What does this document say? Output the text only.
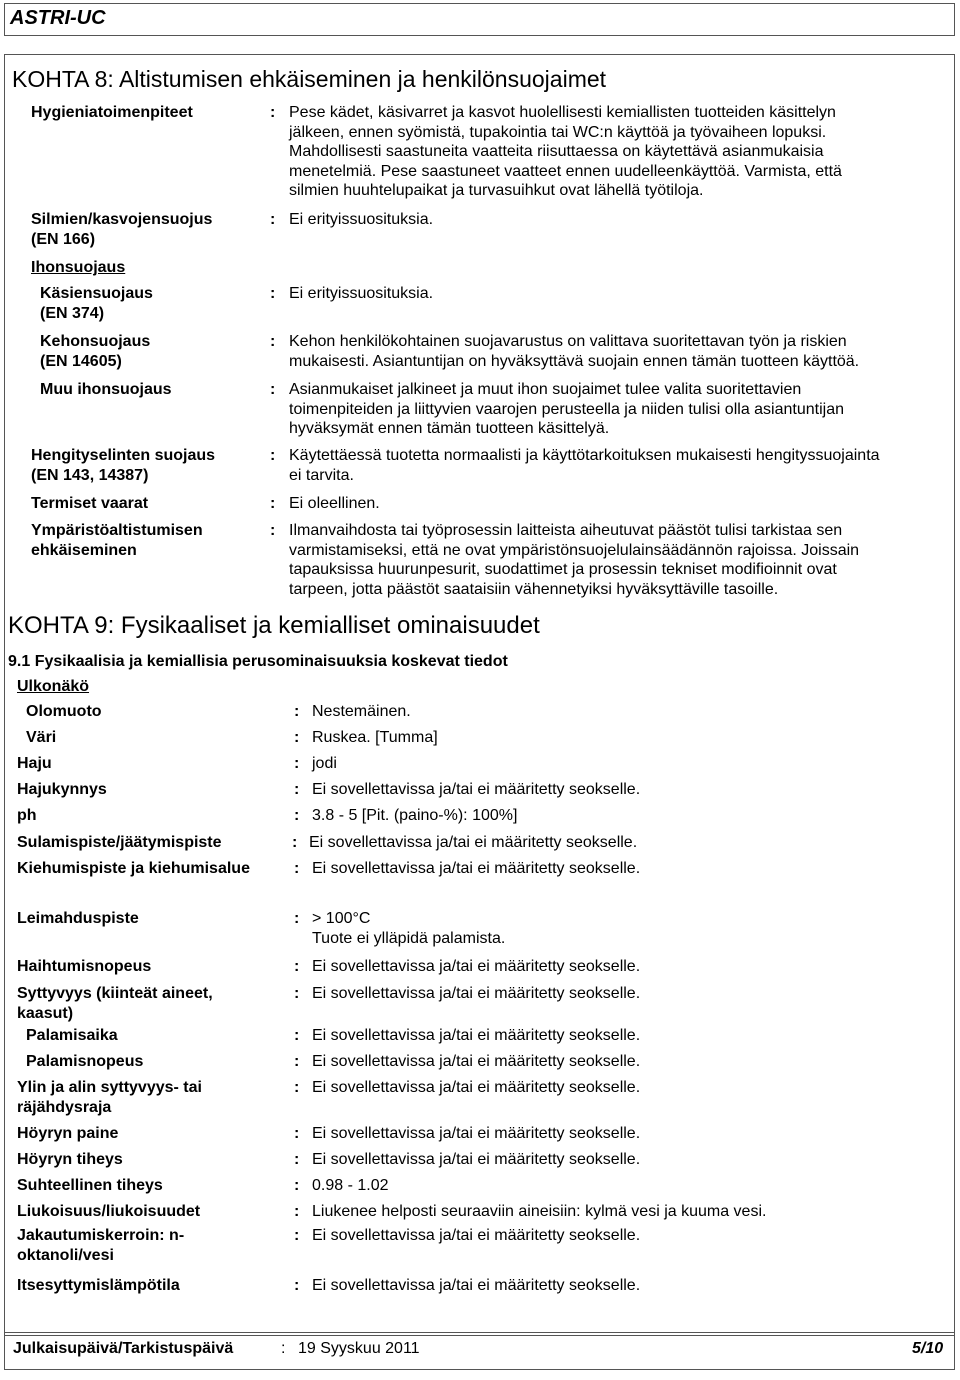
ASTRI-UC
KOHTA 8: Altistumisen ehkäiseminen ja henkilönsuojaimet
Hygieniatoimenpiteet	: Pese kädet, käsivarret ja kasvot huolellisesti kemiallisten tuotteiden käsittelyn
jälkeen, ennen syömistä, tupakointia tai WC:n käyttöä ja työvaiheen lopuksi.
Mahdollisesti saastuneita vaatteita riisuttaessa on käytettävä asianmukaisia
menetelmiä. Pese saastuneet vaatteet ennen uudelleenkäyttöä. Varmista, että
silmien huuhtelupaikat ja turvasuihkut ovat lähellä työtiloja.
Silmien/kasvojensuojus
(EN 166)
: Ei erityissuosituksia.
Ihonsuojaus
Käsiensuojaus
(EN 374)
: Ei erityissuosituksia.
Kehonsuojaus
(EN 14605)
: Kehon henkilökohtainen suojavarustus on valittava suoritettavan työn ja riskien
mukaisesti. Asiantuntijan on hyväksyttävä suojain ennen tämän tuotteen käyttöä.
Muu ihonsuojaus	: Asianmukaiset jalkineet ja muut ihon suojaimet tulee valita suoritettavien
toimenpiteiden ja liittyvien vaarojen perusteella ja niiden tulisi olla asiantuntijan
hyväksymät ennen tämän tuotteen käsittelyä.
Hengityselinten suojaus
(EN 143, 14387)
: Käytettäessä tuotetta normaalisti ja käyttötarkoituksen mukaisesti hengityssuojainta
ei tarvita.
Termiset vaarat	: Ei oleellinen.
Ympäristöaltistumisen
ehkäiseminen
: Ilmanvaihdosta tai työprosessin laitteista aiheutuvat päästöt tulisi tarkistaa sen
varmistamiseksi, että ne ovat ympäristönsuojelulainsäädännön rajoissa. Joissain
tapauksissa huurunpesurit, suodattimet ja prosessin tekniset modifioinnit ovat
tarpeen, jotta päästöt saataisiin vähennetyiksi hyväksyttäville tasoille.
KOHTA 9: Fysikaaliset ja kemialliset ominaisuudet
9.1 Fysikaalisia ja kemiallisia perusominaisuuksia koskevat tiedot
Ulkonäkö
Olomuoto	: Nestemäinen.
Väri	: Ruskea. [Tumma]
Haju	: jodi
Hajukynnys	: Ei sovellettavissa ja/tai ei määritetty seokselle.
ph	: 3.8 - 5 [Pit. (paino-%): 100%]
Sulamispiste/jäätymispiste	: Ei sovellettavissa ja/tai ei määritetty seokselle.
Kiehumispiste ja kiehumisalue	: Ei sovellettavissa ja/tai ei määritetty seokselle.
Leimahduspiste	: > 100°C
Tuote ei ylläpidä palamista.
Haihtumisnopeus	: Ei sovellettavissa ja/tai ei määritetty seokselle.
Syttyvyys (kiinteät aineet,
kaasut)
: Ei sovellettavissa ja/tai ei määritetty seokselle.
Palamisaika	: Ei sovellettavissa ja/tai ei määritetty seokselle.
Palamisnopeus	: Ei sovellettavissa ja/tai ei määritetty seokselle.
Ylin ja alin syttyvyys- tai
räjähdysraja
: Ei sovellettavissa ja/tai ei määritetty seokselle.
Höyryn paine	: Ei sovellettavissa ja/tai ei määritetty seokselle.
Höyryn tiheys	: Ei sovellettavissa ja/tai ei määritetty seokselle.
Suhteellinen tiheys	: 0.98 - 1.02
Liukoisuus/liukoisuudet	: Liukenee helposti seuraaviin aineisiin: kylmä vesi ja kuuma vesi.
Jakautumiskerroin: n-
oktanoli/vesi
: Ei sovellettavissa ja/tai ei määritetty seokselle.
Itsesyttymislämpötila	: Ei sovellettavissa ja/tai ei määritetty seokselle.
Julkaisupäivä/Tarkistuspäivä	: 19 Syyskuu 2011	5/10
